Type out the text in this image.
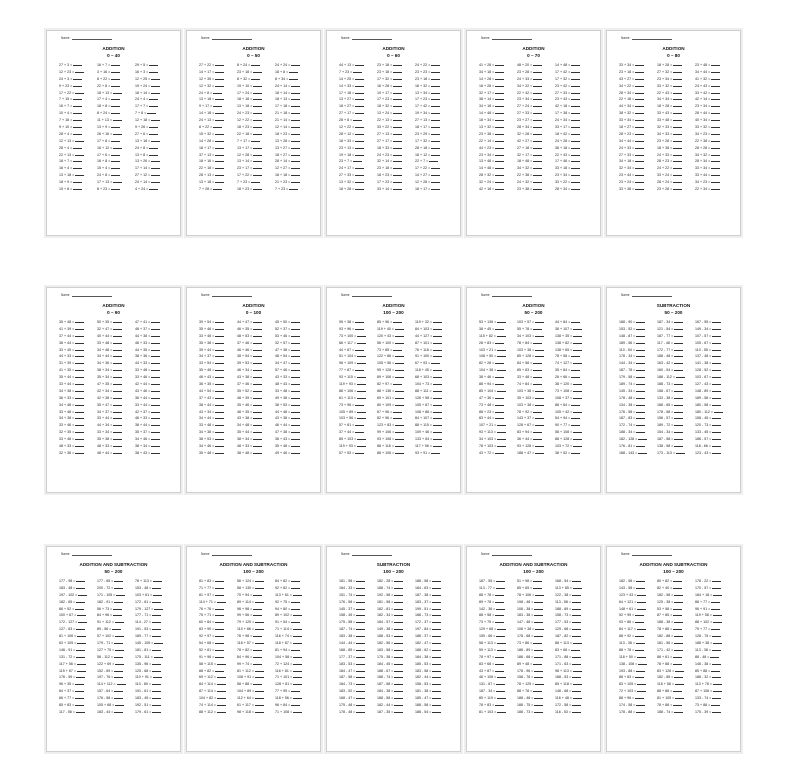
Name
ADDITION
0 – 40
27 + 3 =	16 + 7 =	29 + 5 =
12 + 23 =	3 + 16 =	16 + 3 =
24 + 3 =	8 + 22 =	12 + 25 =
9 + 23 =	22 + 8 =	19 + 24 =
17 + 22 =	18 + 13 =	18 + 14 =
7 + 15 =	17 + 4 =	24 + 4 =
16 + 7 =	18 + 8 =	17 + 7 =
10 + 4 =	8 + 24 =	7 + 8 =
7 + 18 =	11 + 13 =	12 + 18 =
9 + 10 =	13 + 9 =	9 + 26 =
28 + 4 =	26 + 16 =	27 + 6 =
12 + 13 =	17 + 8 =	13 + 18 =
28 + 4 =	16 + 12 =	24 + 8 =
22 + 13 =	17 + 6 =	13 + 8 =
18 + 7 =	16 + 8 =	13 + 26 =
16 + 4 =	15 + 4 =	17 + 14 =
13 + 18 =	24 + 8 =	27 + 12 =
18 + 9 =	17 + 13 =	24 + 14 =
15 + 8 =	8 + 23 =	4 + 24 =
Name
ADDITION
0 – 50
27 + 22 =	8 + 24 =	24 + 24 =
14 + 17 =	23 + 18 =	18 + 8 =
12 + 35 =	8 + 32 =	8 + 34 =
12 + 32 =	19 + 10 =	24 + 14 =
24 + 8 =	17 + 24 =	18 + 14 =
13 + 18 =	18 + 18 =	18 + 13 =
9 + 17 =	13 + 18 =	17 + 18 =
14 + 18 =	24 + 23 =	21 + 18 =
24 + 13 =	12 + 22 =	21 + 14 =
8 + 22 =	18 + 23 =	12 + 14 =
15 + 32 =	22 + 18 =	18 + 23 =
14 + 28 =	7 + 17 =	13 + 28 =
18 + 17 =	13 + 17 =	13 + 27 =
37 + 13 =	12 + 28 =	18 + 27 =
18 + 16 =	13 + 14 =	28 + 14 =
22 + 18 =	23 + 17 =	12 + 27 =
28 + 13 =	17 + 22 =	18 + 18 =
13 + 18 =	7 + 23 =	21 + 23 =
7 + 28 =	18 + 23 =	7 + 23 =
Name
ADDITION
0 – 60
44 + 13 =	23 + 18 =	24 + 22 =
7 + 23 =	23 + 18 =	23 + 23 =
14 + 25 =	17 + 32 =	23 + 18 =
14 + 33 =	16 + 28 =	18 + 32 =
17 + 18 =	19 + 17 =	13 + 34 =
13 + 27 =	17 + 23 =	17 + 23 =
18 + 27 =	18 + 32 =	17 + 42 =
27 + 17 =	13 + 24 =	19 + 34 =
28 + 8 =	22 + 13 =	27 + 13 =
12 + 22 =	33 + 22 =	18 + 17 =
28 + 12 =	27 + 13 =	23 + 29 =
18 + 33 =	27 + 17 =	17 + 32 =
23 + 13 =	18 + 33 =	28 + 18 =
19 + 18 =	24 + 23 =	18 + 12 =
23 + 7 =	32 + 14 =	22 + 7 =
24 + 17 =	23 + 18 =	17 + 22 =
27 + 33 =	18 + 23 =	14 + 27 =
13 + 32 =	17 + 23 =	12 + 28 =
18 + 28 =	33 + 14 =	18 + 17 =
Name
ADDITION
0 – 70
41 + 28 =	48 + 20 =	14 + 48 =
34 + 18 =	23 + 28 =	17 + 42 =
14 + 28 =	24 + 33 =	17 + 32 =
18 + 28 =	34 + 22 =	23 + 42 =
32 + 17 =	22 + 42 =	27 + 33 =
38 + 14 =	23 + 34 =	23 + 43 =
34 + 18 =	27 + 24 =	42 + 18 =
14 + 48 =	27 + 33 =	17 + 38 =
18 + 34 =	23 + 27 =	24 + 34 =
13 + 32 =	28 + 34 =	33 + 17 =
23 + 38 =	32 + 28 =	18 + 42 =
22 + 14 =	42 + 27 =	24 + 28 =
44 + 23 =	27 + 18 =	38 + 18 =
23 + 34 =	32 + 17 =	22 + 43 =
13 + 48 =	18 + 48 =	17 + 48 =
14 + 48 =	34 + 32 =	33 + 18 =
28 + 32 =	22 + 38 =	23 + 34 =
32 + 24 =	24 + 32 =	33 + 22 =
42 + 18 =	23 + 38 =	28 + 34 =
Name
ADDITION
0 – 80
33 + 34 =	18 + 28 =	23 + 48 =
23 + 18 =	27 + 32 =	34 + 44 =
43 + 27 =	23 + 34 =	41 + 32 =
34 + 22 =	33 + 32 =	24 + 43 =
28 + 34 =	22 + 43 =	33 + 42 =
22 + 18 =	34 + 34 =	42 + 14 =
44 + 34 =	18 + 28 =	23 + 34 =
38 + 32 =	33 + 43 =	28 + 44 =
33 + 34 =	33 + 48 =	40 + 34 =
18 + 27 =	32 + 33 =	33 + 32 =
28 + 23 =	34 + 33 =	34 + 23 =
34 + 44 =	23 + 28 =	22 + 38 =
24 + 33 =	18 + 38 =	28 + 28 =
27 + 33 =	24 + 33 =	34 + 32 =
34 + 18 =	28 + 23 =	28 + 34 =
32 + 34 =	24 + 22 =	33 + 34 =
23 + 44 =	33 + 24 =	33 + 44 =
23 + 24 =	28 + 24 =	34 + 23 =
33 + 38 =	23 + 28 =	22 + 34 =
Name
ADDITION
0 – 90
35 + 48 =	50 + 35 =	47 + 41 =
41 + 39 =	32 + 47 =	46 + 37 =
37 + 44 =	40 + 44 =	44 + 38 =
38 + 44 =	33 + 48 =	46 + 33 =
33 + 45 =	34 + 48 =	44 + 35 =
44 + 33 =	34 + 44 =	38 + 36 =
31 + 39 =	34 + 36 =	44 + 33 =
41 + 35 =	38 + 34 =	33 + 48 =
35 + 44 =	35 + 34 =	33 + 46 =
33 + 44 =	47 + 35 =	42 + 44 =
34 + 38 =	42 + 34 =	43 + 46 =
36 + 33 =	42 + 38 =	36 + 44 =
34 + 48 =	35 + 47 =	33 + 44 =
33 + 48 =	34 + 37 =	42 + 37 =
34 + 38 =	33 + 44 =	46 + 33 =
33 + 46 =	44 + 34 =	38 + 44 =
32 + 35 =	33 + 34 =	35 + 37 =
33 + 46 =	35 + 38 =	34 + 46 =
48 + 33 =	48 + 33 =	38 + 34 =
32 + 36 =	48 + 44 =	38 + 43 =
Name
ADDITION
0 – 100
39 + 54 =	44 + 47 =	45 + 50 =
35 + 46 =	46 + 35 =	52 + 37 =
33 + 46 =	48 + 53 =	53 + 46 =
35 + 38 =	37 + 46 =	32 + 57 =
39 + 44 =	46 + 46 =	47 + 38 =
34 + 37 =	38 + 54 =	48 + 54 =
33 + 54 =	39 + 53 =	34 + 47 =
35 + 48 =	46 + 34 =	57 + 46 =
46 + 43 =	43 + 38 =	43 + 33 =
36 + 35 =	37 + 46 =	48 + 43 =
44 + 54 =	35 + 52 =	33 + 48 =
37 + 43 =	48 + 39 =	49 + 38 =
38 + 44 =	35 + 46 =	38 + 53 =
43 + 34 =	48 + 35 =	44 + 48 =
34 + 44 =	43 + 38 =	43 + 38 =
33 + 48 =	34 + 48 =	46 + 44 =
34 + 38 =	35 + 44 =	47 + 38 =
38 + 53 =	38 + 34 =	36 + 43 =
34 + 46 =	48 + 33 =	35 + 48 =
35 + 48 =	38 + 48 =	49 + 46 =
Name
ADDITION
100 – 200
95 + 38 =	85 + 96 =	119 + 32 =
93 + 96 =	119 + 40 =	84 + 103 =
73 + 100 =	120 + 43 =	44 + 127 =
66 + 117 =	56 + 100 =	87 + 101 =
44 + 87 =	73 + 85 =	76 + 116 =
51 + 104 =	122 + 86 =	91 + 100 =
96 + 109 =	105 + 56 =	67 + 93 =
77 + 87 =	95 + 128 =	118 + 45 =
93 + 115 =	89 + 106 =	68 + 103 =
119 + 93 =	82 + 97 =	104 + 73 =
88 + 106 =	88 + 136 =	88 + 111 =
61 + 113 =	69 + 101 =	126 + 58 =
73 + 96 =	80 + 109 =	105 + 87 =
105 + 89 =	67 + 96 =	108 + 88 =
103 + 56 =	82 + 96 =	84 + 107 =
57 + 81 =	123 + 83 =	88 + 115 =
37 + 44 =	99 + 106 =	109 + 46 =
85 + 103 =	93 + 108 =	133 + 54 =
119 + 93 =	88 + 116 =	117 + 56 =
57 + 53 =	88 + 106 =	93 + 91 =
Name
ADDITION
50 – 200
53 + 136 =	103 + 57 =	44 + 84 =
38 + 45 =	55 + 78 =	36 + 107 =
115 + 82 =	34 + 103 =	138 + 35 =
28 + 83 =	78 + 84 =	138 + 82 =
103 + 21 =	103 + 38 =	138 + 65 =
108 + 50 =	85 + 128 =	78 + 58 =
82 + 28 =	84 + 58 =	74 + 127 =
104 + 38 =	85 + 83 =	35 + 84 =
38 + 46 =	33 + 48 =	26 + 66 =
88 + 94 =	74 + 84 =	38 + 120 =
85 + 104 =	103 + 38 =	73 + 108 =
47 + 36 =	35 + 103 =	108 + 37 =
73 + 48 =	103 + 38 =	88 + 84 =
88 + 23 =	78 + 92 =	105 + 42 =
83 + 44 =	143 + 37 =	54 + 94 =
107 + 21 =	128 + 67 =	90 + 77 =
93 + 113 =	83 + 94 =	58 + 108 =
34 + 103 =	36 + 44 =	88 + 128 =
78 + 103 =	93 + 128 =	103 + 72 =
43 + 72 =	188 + 47 =	38 + 52 =
Name
SUBTRACTION
50 – 200
188 - 90 =	187 - 34 =	167 - 55 =
153 - 52 =	121 - 54 =	149 - 34 =
148 - 87 =	187 - 77 =	107 - 57 =
189 - 56 =	117 - 48 =	105 - 67 =
110 - 54 =	172 - 77 =	110 - 55 =
178 - 34 =	188 - 48 =	137 - 48 =
144 - 34 =	163 - 42 =	141 - 38 =
187 - 78 =	160 - 54 =	128 - 52 =
179 - 58 =	188 - 112 =	103 - 67 =
189 - 74 =	188 - 73 =	127 - 43 =
145 - 34 =	158 - 67 =	148 - 89 =
178 - 48 =	133 - 38 =	189 - 56 =
134 - 38 =	188 - 65 =	180 - 58 =
176 - 58 =	178 - 58 =	180 - 112 =
187 - 83 =	156 - 57 =	158 - 45 =
172 - 74 =	189 - 72 =	120 - 73 =
188 - 34 =	154 - 34 =	133 - 45 =
182 - 128 =	187 - 58 =	186 - 57 =
176 - 81 =	138 - 58 =	118 - 66 =
188 - 143 =	173 - 113 =	123 - 43 =
Name
ADDITION AND SUBTRACTION
50 – 200
177 - 98 =	177 - 65 =	78 + 113 =
183 - 48 =	200 - 72 =	153 - 48 =
197 - 102 =	171 - 105 =	103 + 61 =
182 - 65 =	182 - 91 =	172 - 61 =
86 + 52 =	56 + 73 =	179 - 127 =
100 + 67 =	84 + 96 =	177 - 71 =
172 - 127 =	91 + 112 =	114 - 27 =
127 - 63 =	89 - 56 =	191 - 53 =
81 + 106 =	57 + 102 =	189 - 77 =
63 + 105 =	179 - 71 =	145 - 105 =
146 - 91 =	127 + 75 =	181 - 81 =
131 - 72 =	58 - 112 =	175 - 111 =
117 + 56 =	122 + 69 =	135 - 96 =
115 + 67 =	152 - 69 =	125 - 68 =
176 - 59 =	197 - 76 =	110 + 91 =
96 + 35 =	114 + 112 =	110 - 89 =
84 + 37 =	157 - 64 =	191 - 61 =
66 + 77 =	176 - 58 =	183 - 45 =
85 + 83 =	105 + 68 =	192 - 51 =
117 - 56 =	183 - 44 =	179 - 61 =
Name
ADDITION AND SUBTRACTION
100 – 200
81 + 83 =	56 + 124 =	84 + 82 =
71 + 77 =	58 + 130 =	92 + 82 =
81 + 97 =	70 + 94 =	113 + 61 =
114 + 71 =	89 + 114 =	92 + 75 =
76 + 76 =	96 + 98 =	94 + 80 =
75 + 71 =	99 + 56 =	89 + 102 =
60 + 84 =	79 + 120 =	91 + 54 =
83 + 90 =	110 + 86 =	71 + 114 =
92 + 97 =	76 + 98 =	116 + 74 =
54 + 68 =	116 + 57 =	118 + 87 =
52 + 81 =	78 + 82 =	81 + 94 =
91 + 96 =	84 + 96 =	104 + 58 =
58 + 115 =	99 + 74 =	72 + 124 =
88 + 82 =	81 + 112 =	116 + 81 =
69 + 112 =	108 + 91 =	71 + 101 =
84 + 114 =	58 + 88 =	128 + 81 =
87 + 114 =	104 + 89 =	77 + 95 =
104 + 82 =	112 + 64 =	118 + 56 =
74 + 114 =	61 + 117 =	96 + 84 =
88 + 112 =	98 + 118 =	71 + 108 =
Name
SUBTRACTION
100 – 200
181 - 58 =	182 - 28 =	188 - 58 =
184 - 33 =	188 - 74 =	184 - 63 =
151 - 74 =	192 - 58 =	187 - 38 =
176 - 58 =	181 - 58 =	183 - 37 =
145 - 37 =	182 - 81 =	199 - 51 =
158 - 45 =	182 - 34 =	188 - 73 =
175 - 58 =	184 - 57 =	172 - 37 =
187 - 74 =	149 - 38 =	197 - 84 =
183 - 38 =	188 - 53 =	188 - 37 =
144 - 44 =	182 - 56 =	182 - 47 =
168 - 85 =	183 - 58 =	188 - 62 =
177 - 37 =	175 - 38 =	184 - 38 =
183 - 53 =	184 - 45 =	185 - 53 =
184 - 47 =	188 - 67 =	183 - 58 =
187 - 58 =	188 - 74 =	182 - 44 =
184 - 73 =	187 - 58 =	158 - 53 =
183 - 52 =	184 - 38 =	181 - 38 =
168 - 47 =	188 - 58 =	185 - 47 =
175 - 48 =	182 - 44 =	188 - 58 =
178 - 48 =	187 - 35 =	188 - 54 =
Name
ADDITION AND SUBTRACTION
100 – 200
187 - 55 =	51 + 98 =	168 - 54 =
113 - 77 =	85 + 65 =	113 + 85 =
88 + 78 =	78 + 106 =	122 - 38 =
89 + 78 =	198 - 48 =	113 - 58 =
142 - 36 =	108 - 38 =	188 - 89 =
88 + 58 =	183 - 38 =	158 - 73 =
73 + 75 =	147 - 48 =	177 - 53 =
129 + 68 =	108 + 38 =	129 - 68 =
159 - 66 =	178 - 68 =	187 - 82 =
58 + 113 =	73 + 86 =	88 + 113 =
59 + 113 =	188 - 89 =	83 + 68 =
78 + 97 =	188 - 68 =	171 - 88 =
83 + 68 =	89 + 48 =	171 - 63 =
43 + 87 =	178 - 96 =	98 + 113 =
46 + 108 =	158 - 78 =	188 - 53 =
131 - 67 =	78 + 125 =	85 + 118 =
187 - 34 =	88 + 78 =	146 - 68 =
85 + 119 =	188 - 48 =	116 + 48 =
78 + 83 =	188 - 75 =	172 - 58 =
81 + 103 =	188 - 73 =	116 - 53 =
Name
ADDITION AND SUBTRACTION
100 – 200
182 - 58 =	80 + 82 =	178 - 22 =
143 - 58 =	82 + 40 =	170 - 57 =
123 + 43 =	182 - 58 =	184 + 18 =
64 + 121 =	125 - 38 =	88 + 77 =
148 + 61 =	53 + 58 =	96 + 91 =
52 + 95 =	87 + 85 =	119 + 58 =
93 + 86 =	188 - 38 =	88 + 102 =
84 + 117 =	78 + 88 =	75 + 77 =
88 + 92 =	182 - 88 =	128 - 75 =
113 - 38 =	181 - 56 =	188 + 38 =
88 + 78 =	171 - 42 =	113 - 38 =
118 + 50 =	88 + 61 =	88 - 48 =
138 - 108 =	78 + 88 =	146 - 38 =
193 - 88 =	83 + 128 =	85 + 88 =
88 + 83 =	182 - 85 =	188 - 32 =
83 + 105 =	116 + 58 =	113 + 78 =
72 + 103 =	88 + 88 =	87 + 108 =
88 + 96 =	81 + 105 =	133 - 74 =
174 - 58 =	78 + 88 =	73 + 88 =
178 - 88 =	188 - 74 =	175 - 39 =
